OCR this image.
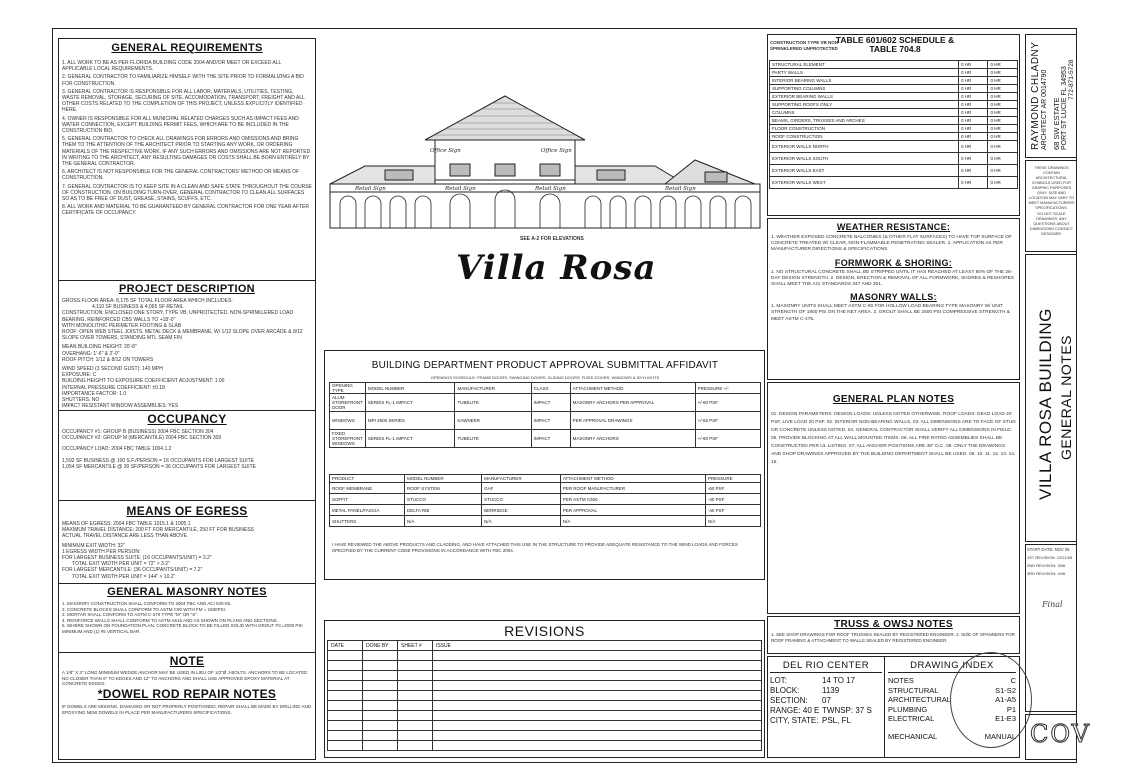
GENERAL REQUIREMENTS

1. ALL WORK TO BE AS PER FLORIDA BUILDING CODE 2004 AND/OR MEET OR EXCEED ALL APPLICABLE LOCAL REQUIREMENTS.

2. GENERAL CONTRACTOR TO FAMILIARIZE HIMSELF WITH THE SITE PRIOR TO FORMALIZING A BID FOR CONSTRUCTION.

3. GENERAL CONTRACTOR IS RESPONSIBLE FOR ALL LABOR, MATERIALS, UTILITIES, TESTING, WASTE REMOVAL, STORAGE, SECURING OF SITE, ACCOMODATION, TRANSPORT, FREIGHT AND ALL OTHER COSTS RELATED TO THE COMPLETION OF THIS PROJECT, UNLESS EXPLICITLY IDENTIFIED HERE.

4. OWNER IS RESPONSIBLE FOR ALL MUNICIPAL RELATED CHARGES SUCH AS IMPACT FEES AND WATER CONNECTION, EXCEPT BUILDING PERMIT FEES, WHICH ARE TO BE INCLUDED IN THE CONSTRUCTION BID.

5. GENERAL CONTRACTOR TO CHECK ALL DRAWINGS FOR ERRORS AND OMISSIONS AND BRING THEM TO THE ATTENTION OF THE ARCHITECT PRIOR TO STARTING ANY WORK, OR ORDERING MATERIALS OF THE RESPECTIVE WORK. IF ANY SUCH ERRORS AND OMISSIONS ARE NOT REPORTED IN WRITING TO THE ARCHITECT, ANY RESULTING DAMAGES OR COSTS SHALL BE BORN ENTIRELY BY THE GENERAL CONTRACTOR.

6. ARCHITECT IS NOT RESPONSIBLE FOR THE GENERAL CONTRACTORS' METHOD OR MEANS OF CONSTRUCTION.

7. GENERAL CONTRACTOR IS TO KEEP SITE IN A CLEAN AND SAFE STATE THROUGHOUT THE COURSE OF CONSTRUCTION. ON BUILDING TURN-OVER, GENERAL CONTRACTOR TO CLEAN ALL SURFACES SO AS TO BE FREE OF DUST, GREASE, STAINS, SCUFFS, ETC.

8. ALL WORK AND MATERIAL TO BE GUARANTEED BY GENERAL CONTRACTOR FOR ONE YEAR AFTER CERTIFICATE OF OCCUPANCY.

PROJECT DESCRIPTION
GROSS FLOOR AREA: 8,175 SF TOTAL FLOOR AREA WHICH INCLUDES:
4,110 SF BUSINESS & 4,065 SF RETAIL
CONSTRUCTION: ENCLOSED ONE STORY, TYPE VB, UNPROTECTED, NON-SPRINKLERED LOAD BEARING, REINFORCED CBS WALLS TO +18'-0"
WITH MONOLITHIC PERIMETER FOOTING & SLAB
ROOF: OPEN WEB STEEL JOISTS, METAL DECK & MEMBRANE, W/ 1/12 SLOPE OVER ARCADE & 8/12 SLOPE OVER TOWERS, STANDING MTL SEAM FIN
MEAN BUILDING HEIGHT: 20'-8"
OVERHANG: 1'-6" & 2'-0"
ROOF PITCH: 1/12 & 8/12 ON TOWERS
WIND SPEED (3 SECOND GUST): 140 MPH
EXPOSURE: C
BUILDING HEIGHT TO EXPOSURE COEFFICIENT ADJUSTMENT: 1.00
INTERNAL PRESSURE COEFFICIENT: ±0.18
IMPORTANCE FACTOR: 1.0
SHUTTERS: NO
IMPACT RESISTANT WINDOW ASSEMBLIES: YES
OCCUPANCY
OCCUPANCY #1: GROUP B (BUSINESS) 2004 FBC SECTION 304
OCCUPANCY #2: GROUP M (MERCANTILE) 2004 FBC SECTION 309
OCCUPANCY LOAD: 2004 FBC TABLE 1004.1.2
1,592 SF BUSINESS @ 100 S.F./PERSON = 16 OCCUPANTS FOR LARGEST SUITE
1,054 SF MERCANTILE @ 30 SF/PERSON = 36 OCCUPANTS FOR LARGEST SUITE
MEANS OF EGRESS
MEANS OF EGRESS: 2004 FBC TABLE 1015.1 & 1005.1
MAXIMUM TRAVEL DISTANCE: 200 FT FOR MERCANTILE, 250 FT FOR BUSINESS
ACTUAL TRAVEL DISTANCE ARE LESS THAN ABOVE.
MINIMUM EXIT WIDTH: 32"
1 EGRESS WIDTH PER PERSON:
FOR LARGEST BUSINESS SUITE: (16 OCCUPANTS/UNIT) = 3.2"
TOTAL EXIT WIDTH PER UNIT = 72" > 3.2"
FOR LARGEST MERCANTILE: (36 OCCUPANTS/UNIT) = 7.2"
TOTAL EXIT WIDTH PER UNIT = 144" > 10.2"
GENERAL MASONRY NOTES
1. MASONRY CONSTRUCTION SHALL CONFORM TO 2004 FBC AND ACI 530-05.
2. CONCRETE BLOCKS SHALL CONFORM TO ASTM C90 WITH FM = 1500PSI.
3. MORTAR SHALL CONFORM TO ASTM C-270 TYPE "M" OR "S".
4. REINFORCE WALLS SHALL CONFORM TO ASTM A615 AND AS SHOWN ON PLANS AND SECTIONS.
5. WHERE SHOWN ON FOUNDATION PLAN, CONCRETE BLOCK TO BE FILLED SOLID WITH GROUT FC=2000 PSI MINIMUM AND (1) #5 VERTICAL BAR.
NOTE
A 1/8" X 3" LONG MINIMUM WEDGE ANCHOR MAY BE USED IN LIEU OF 1/2"Ø J-BOLTS. ANCHORS TO BE LOCATED NO CLOSER THAN 6" TO EDGES AND 12" TO ANCHORS AND SHALL USE APPROVED EPOXY MATERIAL AT CONCRETE EDGES.
*DOWEL ROD REPAIR NOTES
IF DOWELS ARE MISSING, DAMAGED OR NOT PROPERLY POSITIONED, REPAIR SHALL BE MADE BY DRILLING AND EPOXYING NEW DOWELS IN PLACE PER MANUFACTURERS SPECIFICATIONS.
Office Sign	Office Sign
Retail Sign	Retail Sign	Retail Sign	Retail Sign
SEE A-2 FOR ELEVATIONS
Villa Rosa
BUILDING DEPARTMENT PRODUCT APPROVAL SUBMITTAL AFFIDAVIT
OPENINGS SCHEDULE: FRAME DOORS, SWINGING DOORS, SLIDING DOORS, FIXED DOORS, WINDOWS & SKYLIGHTS
OPENING TYPE	MODEL NUMBER	MANUFACTURER	CLASS	ATTACHMENT METHOD	PRESSURE +/-
ALUM STOREFRONT DOOR	SERIES FL-1 IMPACT	TUBELITE	IMPACT	MASONRY ANCHORS PER APPROVAL	+/-60 PSF
WINDOWS	MPI 4500 SERIES	KAWNEER	IMPACT	PER APPROVAL DRAWINGS	+/-55 PSF
FIXED STOREFRONT WINDOWS	SERIES FL-1 IMPACT	TUBELITE	IMPACT	MASONRY ANCHORS	+/-60 PSF
PRODUCT	MODEL NUMBER	MANUFACTURER	ATTACHMENT METHOD	PRESSURE
ROOF MEMBRANE	ROOF SYSTEM	GAF	PER ROOF MANUFACTURER	-60 PSF
SOFFIT	STUCCO	STUCCO	PER ASTM C926	-40 PSF
METAL PANEL/FASCIA	DELTA RIB	BERRIDGE	PER APPROVAL	-40 PSF
SHUTTERS	N/A	N/A	N/A	N/A
I HAVE REVIEWED THE ABOVE PRODUCTS AND CLADDING, AND HAVE ATTACHED THIS USE IN THE STRUCTURE TO PROVIDE ADEQUATE RESISTANCE TO THE WIND LOADS AND FORCES SPECIFIED BY THE CURRENT CODE PROVISIONS IN ACCORDANCE WITH FBC 2004.
REVISIONS
DATE	DONE BY	SHEET #	ISSUE

TABLE 601/602 SCHEDULE & TABLE 704.8
CONSTRUCTION TYPE VB NON-SPRINKLERED UNPROTECTED
STRUCTURAL ELEMENT	0 HR	0 HR
PARTY WALLS	0 HR	0 HR
INTERIOR BEARING WALLS	0 HR	0 HR
SUPPORTING COLUMNS	0 HR	0 HR
EXTERIOR BEARING WALLS	0 HR	0 HR
SUPPORTING ROOFS ONLY	0 HR	0 HR
COLUMNS	0 HR	0 HR
BEAMS, GIRDERS, TRUSSES AND ARCHES	0 HR	0 HR
FLOOR CONSTRUCTION	0 HR	0 HR
ROOF CONSTRUCTION	0 HR	0 HR
EXTERIOR WALLS NORTH	0 HR	0 HR
EXTERIOR WALLS SOUTH	0 HR	0 HR
EXTERIOR WALLS EAST	0 HR	0 HR
EXTERIOR WALLS WEST	0 HR	0 HR
WEATHER RESISTANCE:
1. WEATHER EXPOSED CONCRETE BALCONIES (& OTHER FLAT SURFACES) TO HAVE TOP SURFACE OF CONCRETE TREATED W/ CLEAR, NON-FLAMMABLE PENETRATING SEALER. 2. APPLICATION AS PER MANUFACTURER DIRECTIONS & SPECIFICATIONS.
FORMWORK & SHORING:
1. NO STRUCTURAL CONCRETE SHALL BE STRIPPED UNTIL IT HAS REACHED AT LEAST 80% OF THE 28-DAY DESIGN STRENGTH. 2. DESIGN, ERECTION & REMOVAL OF ALL FORMWORK, SHORES & RESHORES SHALL MEET THE ACI STANDARDS 347 AND 301.
MASONRY WALLS:
1. MASONRY UNITS SHALL MEET ASTM C-90 FOR HOLLOW LOAD BEARING TYPE MASONRY W/ UNIT STRENGTH OF 1900 PSI ON THE NET AREA. 2. GROUT SHALL BE 2500 PSI COMPRESSIVE STRENGTH & MEET ASTM C-476.
GENERAL PLAN NOTES
01. DESIGN PARAMETERS: DESIGN LOADS: UNLESS NOTED OTHERWISE. ROOF LOADS: DEAD LOAD 20 PSF, LIVE LOAD 20 PSF. 02. INTERIOR NON-BEARING WALLS, 03. ALL DIMENSIONS ARE TO FACE OF STUD OR CONCRETE UNLESS NOTED. 04. GENERAL CONTRACTOR SHALL VERIFY ALL DIMENSIONS IN FIELD. 05. PROVIDE BLOCKING AT ALL WALL MOUNTED ITEMS. 06. ALL FIRE RATED ASSEMBLIES SHALL BE CONSTRUCTED PER UL LISTING. 07. ALL ANCHOR POSITIONS ARE 48" O.C. 08. ONLY THE DRAWINGS AND SHOP DRAWINGS APPROVED BY THE BUILDING DEPARTMENT SHALL BE USED. 09. 10. 11. 12. 13. 14. 15.
TRUSS & OWSJ NOTES
1. SEE SHOP DRAWINGS FOR ROOF TRUSSES SEALED BY REGISTERED ENGINEER. 2. SIZE OF SPANNERS FOR ROOF FRAMING & ATTACHMENT TO WALLS SEALED BY REGISTERED ENGINEER.
DEL RIO CENTER
LOT:	14 TO 17
BLOCK:	1139
SECTION:	07
RANGE: 40 E TWNSP: 37 S
CITY, STATE: PSL, FL
DRAWING INDEX
NOTES	C
STRUCTURAL	S1-S2
ARCHITECTURAL	A1-A5
PLUMBING	P1
ELECTRICAL	E1-E3
MECHANICAL	MANUAL
RAYMOND CHLADNY ARCHITECT AR 0014790 68 SW ESTATE PORT ST LUCIE FL 34953 772-871-5728
THESE DRAWINGS CONTAIN ARCHITECTURAL SYMBOLS USED FOR GRAPHIC PURPOSES ONLY. SIZE AND LOCATION MAY VARY TO MEET MANUFACTURERS SPECIFICATIONS.
DO NOT SCALE DRAWINGS. ANY QUESTIONS ABOUT DIMENSIONS CONTACT DESIGNER.
VILLA ROSA BUILDING GENERAL NOTES
START DATE: NOV 05
1ST REVISION: 12/21/05
2ND REVISION: 3/06
3RD REVISION: 4/06
Final
COV
